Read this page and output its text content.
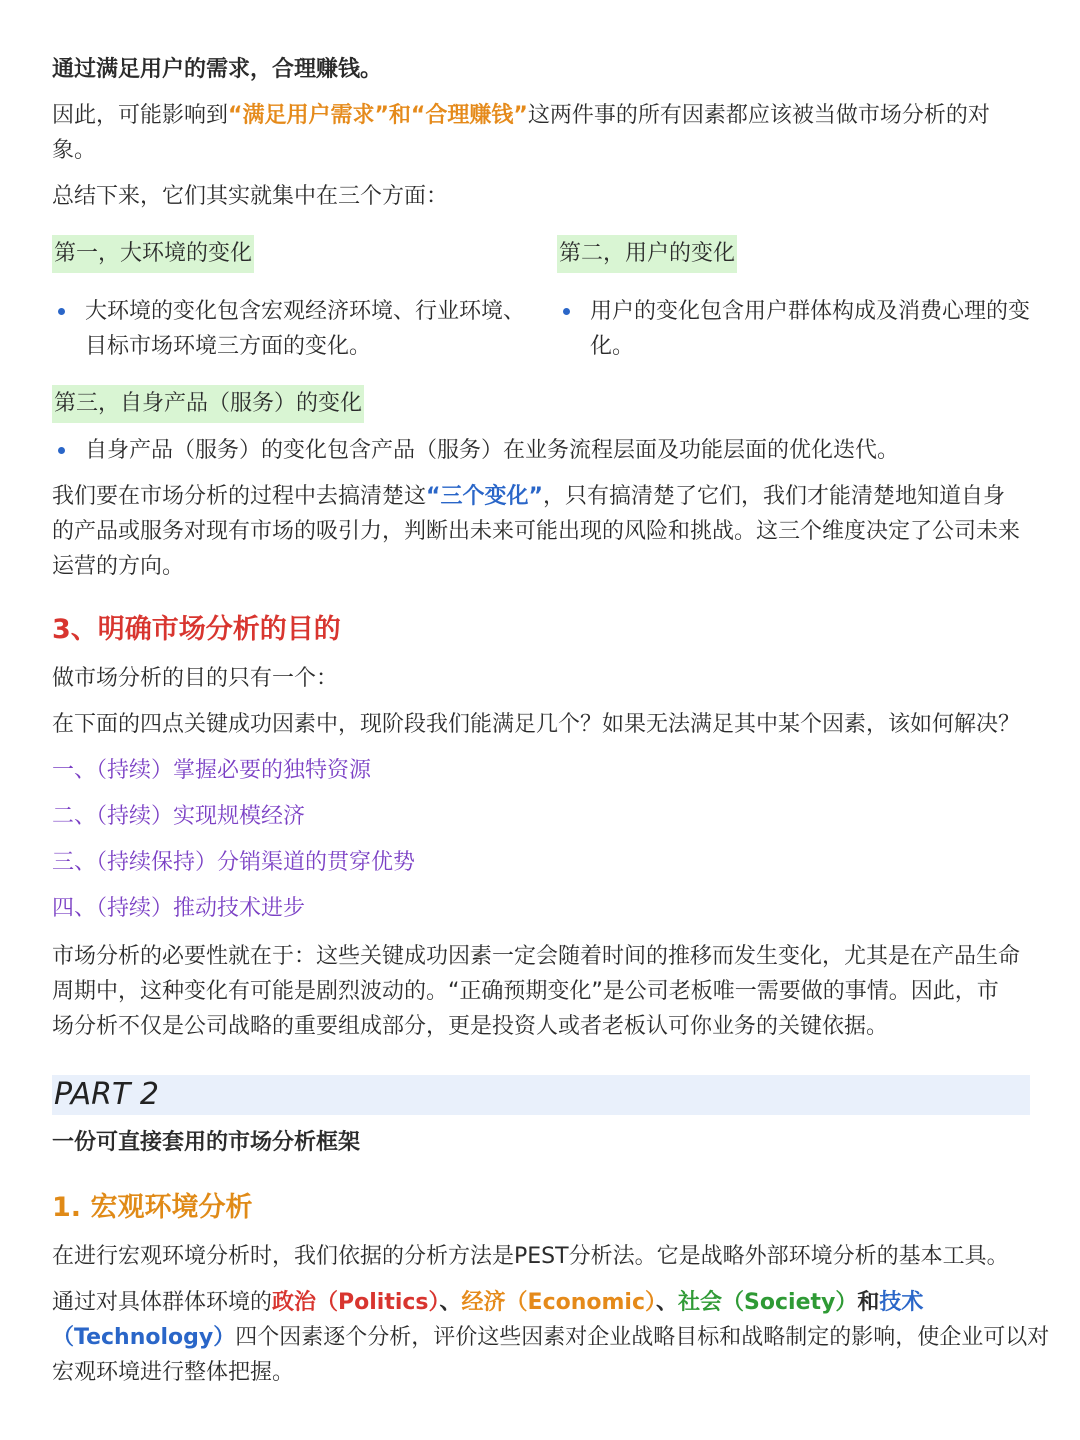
通过满足用户的需求，合理赚钱。
因此，可能影响到“满足用户需求”和“合理赚钱”这两件事的所有因素都应该被当做市场分析的对
象。
总结下来，它们其实就集中在三个方面：
第一，大环境的变化
大环境的变化包含宏观经济环境、行业环境、
目标市场环境三方面的变化。
第二，用户的变化
用户的变化包含用户群体构成及消费心理的变
化。
第三，自身产品（服务）的变化
自身产品（服务）的变化包含产品（服务）在业务流程层面及功能层面的优化迭代。
我们要在市场分析的过程中去搞清楚这“三个变化”，只有搞清楚了它们，我们才能清楚地知道自身
的产品或服务对现有市场的吸引力，判断出未来可能出现的风险和挑战。这三个维度决定了公司未来
运营的方向。
3、明确市场分析的目的
做市场分析的目的只有一个：
在下面的四点关键成功因素中，现阶段我们能满足几个？如果无法满足其中某个因素，该如何解决？
一、（持续）掌握必要的独特资源
二、（持续）实现规模经济
三、（持续保持）分销渠道的贯穿优势
四、（持续）推动技术进步
市场分析的必要性就在于：这些关键成功因素一定会随着时间的推移而发生变化，尤其是在产品生命
周期中，这种变化有可能是剧烈波动的。“正确预期变化”是公司老板唯一需要做的事情。因此，市
场分析不仅是公司战略的重要组成部分，更是投资人或者老板认可你业务的关键依据。
PART 2
一份可直接套用的市场分析框架
1. 宏观环境分析
在进行宏观环境分析时，我们依据的分析方法是PEST分析法。它是战略外部环境分析的基本工具。
通过对具体群体环境的政治（Politics）、经济（Economic）、社会（Society）和技术
（Technology）四个因素逐个分析，评价这些因素对企业战略目标和战略制定的影响，使企业可以对
宏观环境进行整体把握。
